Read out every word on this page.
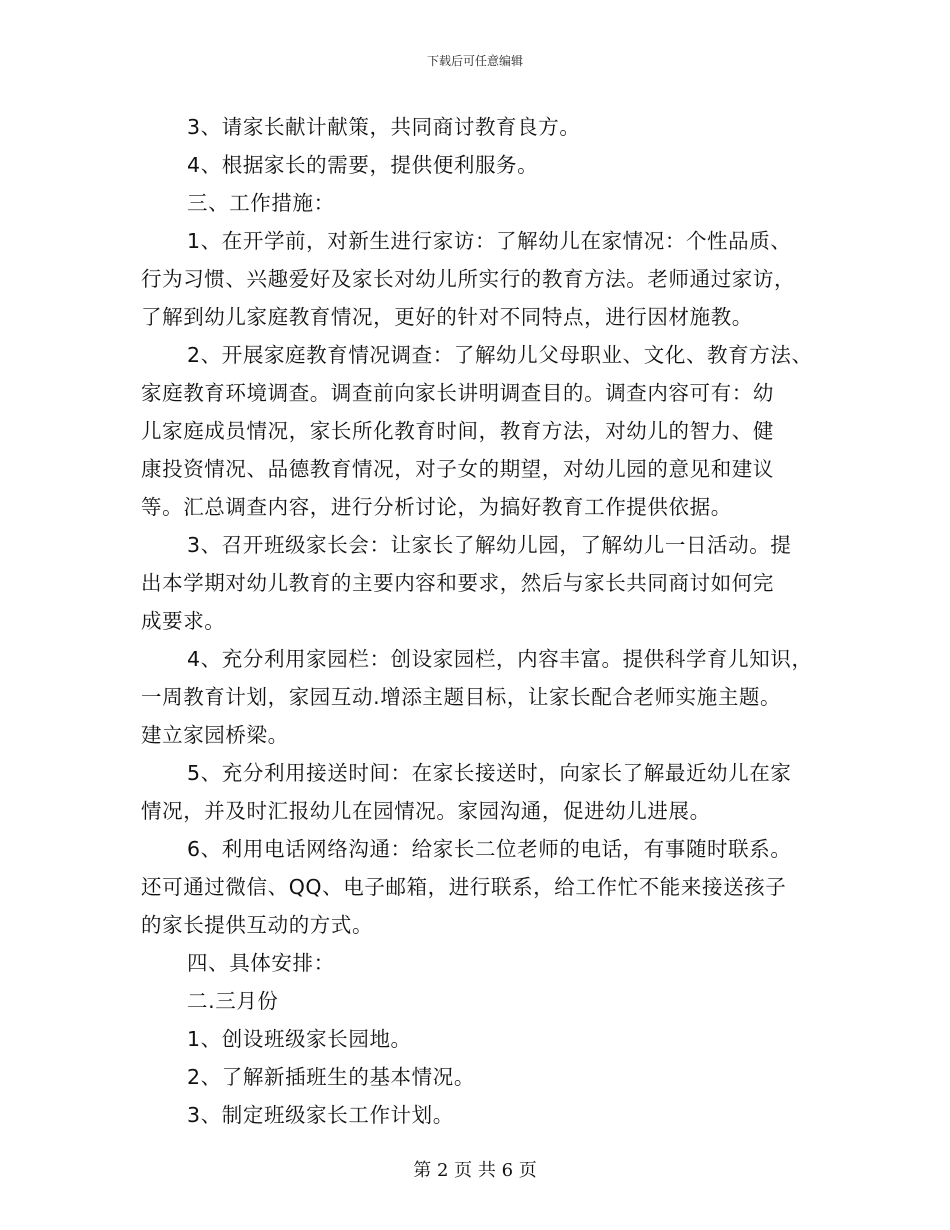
下载后可任意编辑
3、请家长献计献策，共同商讨教育良方。
4、根据家长的需要，提供便利服务。
三、工作措施：
1、在开学前，对新生进行家访：了解幼儿在家情况：个性品质、
行为习惯、兴趣爱好及家长对幼儿所实行的教育方法。老师通过家访，
了解到幼儿家庭教育情况，更好的针对不同特点，进行因材施教。
2、开展家庭教育情况调查：了解幼儿父母职业、文化、教育方法、
家庭教育环境调查。调查前向家长讲明调查目的。调查内容可有：幼
儿家庭成员情况，家长所化教育时间，教育方法，对幼儿的智力、健
康投资情况、品德教育情况，对子女的期望，对幼儿园的意见和建议
等。汇总调查内容，进行分析讨论，为搞好教育工作提供依据。
3、召开班级家长会：让家长了解幼儿园，了解幼儿一日活动。提
出本学期对幼儿教育的主要内容和要求，然后与家长共同商讨如何完
成要求。
4、充分利用家园栏：创设家园栏，内容丰富。提供科学育儿知识，
一周教育计划，家园互动.增添主题目标，让家长配合老师实施主题。
建立家园桥梁。
5、充分利用接送时间：在家长接送时，向家长了解最近幼儿在家
情况，并及时汇报幼儿在园情况。家园沟通，促进幼儿进展。
6、利用电话网络沟通：给家长二位老师的电话，有事随时联系。
还可通过微信、QQ、电子邮箱，进行联系，给工作忙不能来接送孩子
的家长提供互动的方式。
四、具体安排：
二.三月份
1、创设班级家长园地。
2、了解新插班生的基本情况。
3、制定班级家长工作计划。
第 2 页 共 6 页
